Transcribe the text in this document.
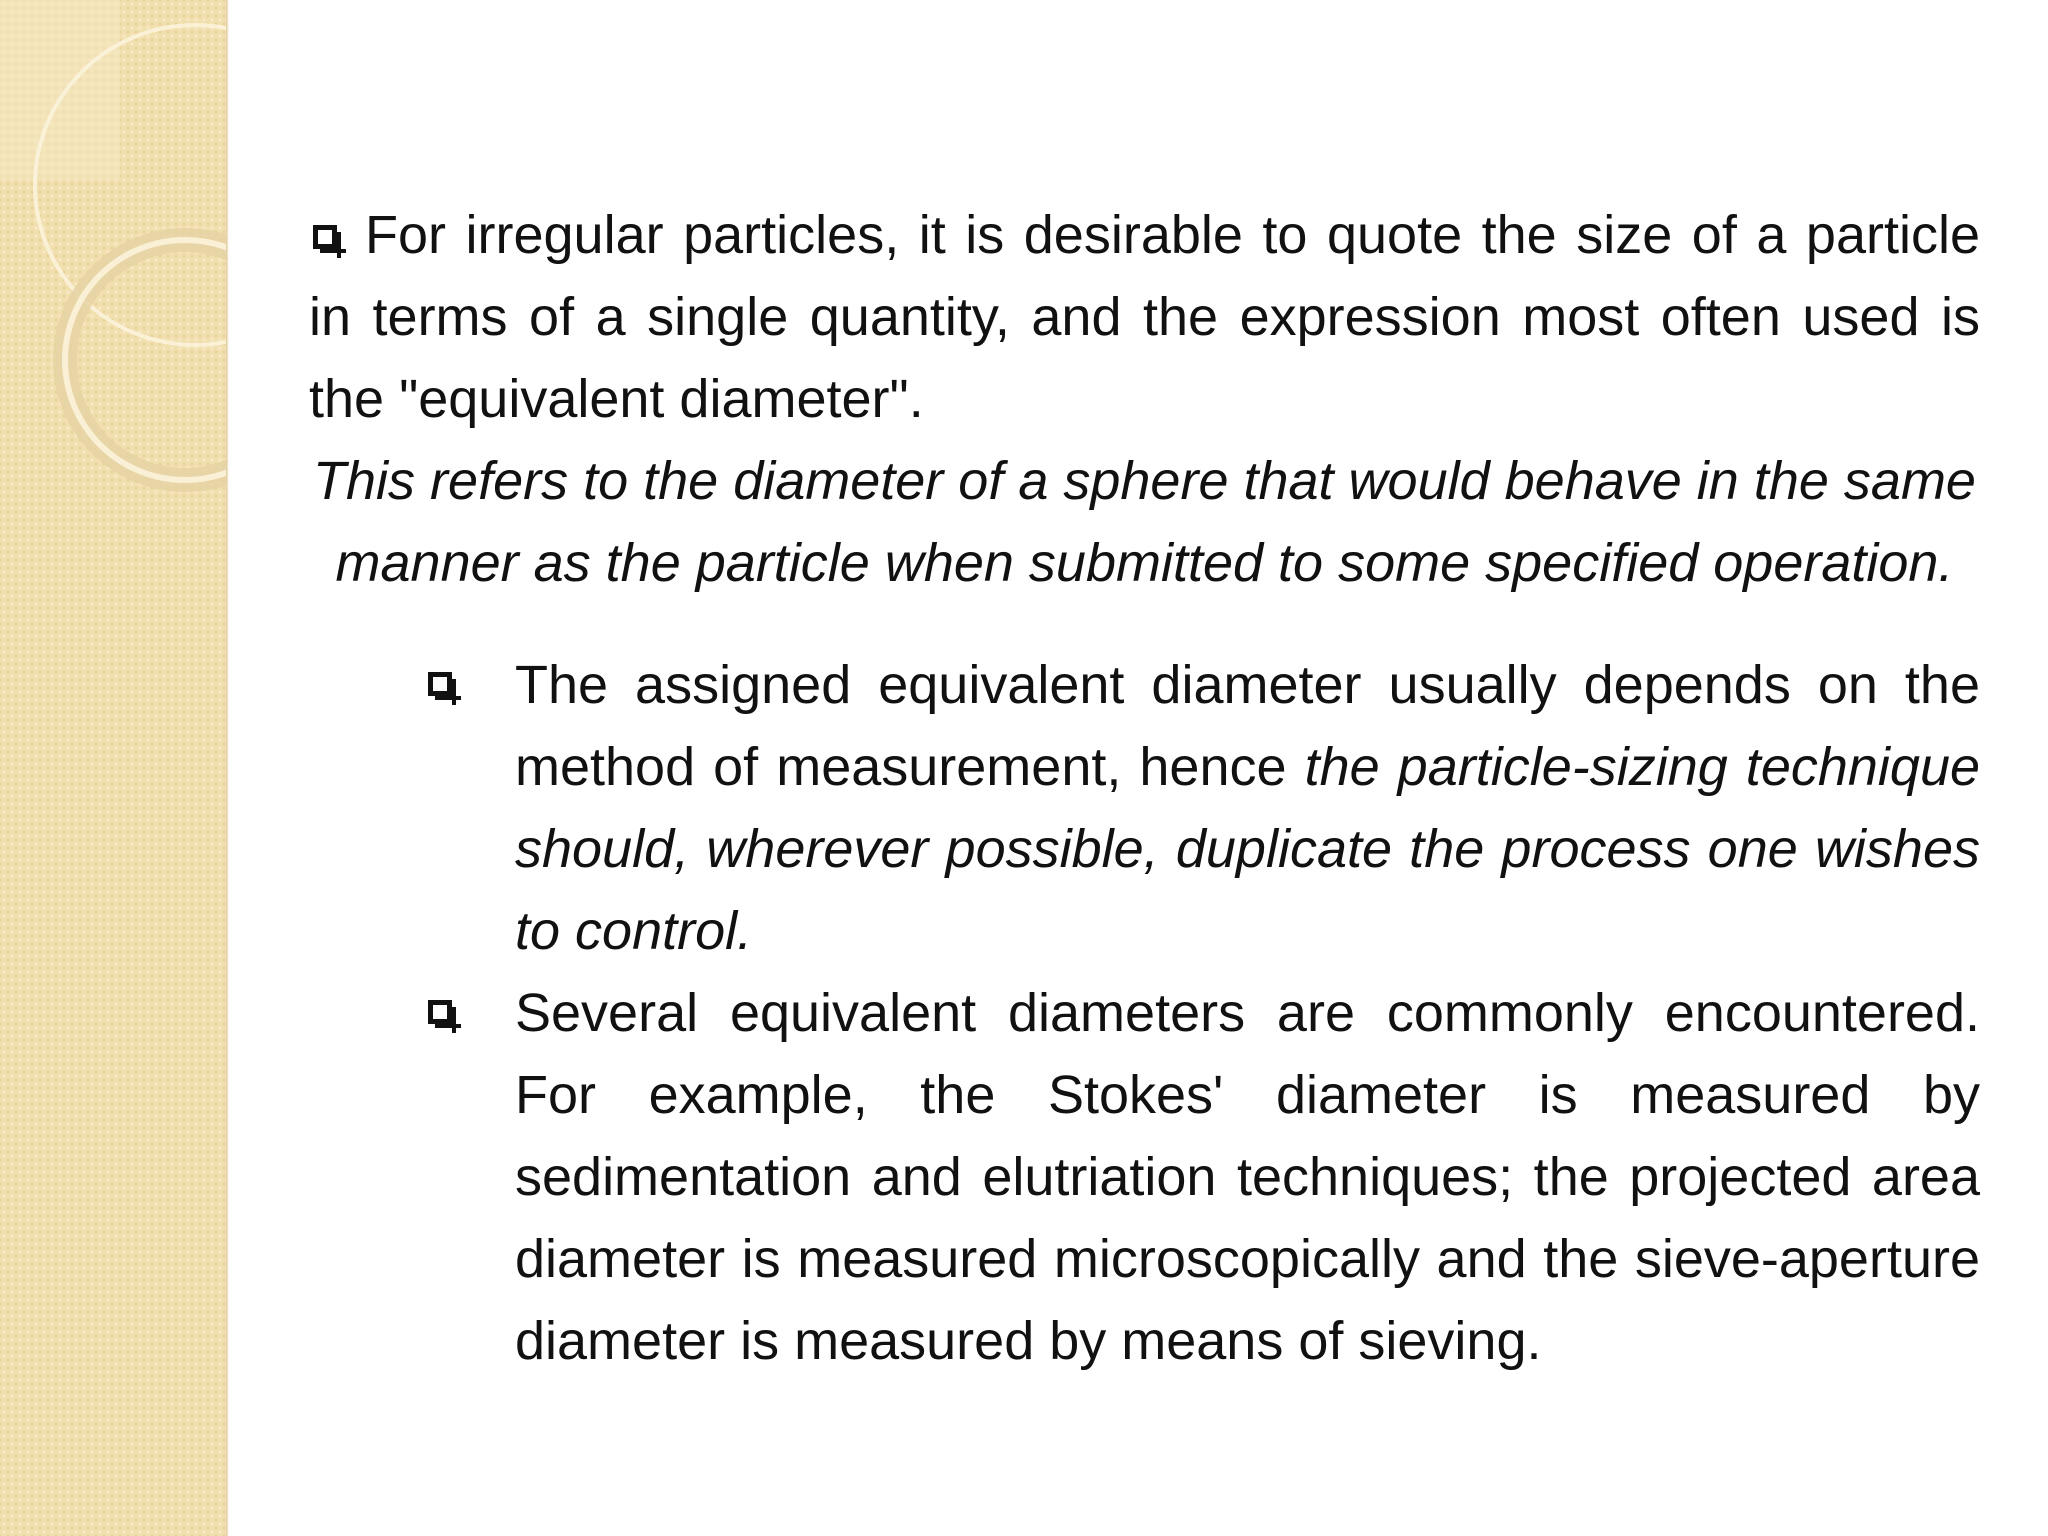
For irregular particles, it is desirable to quote the size of a particle in terms of a single quantity, and the expression most often used is the "equivalent diameter".

This refers to the diameter of a sphere that would behave in the same manner as the particle when submitted to some specified operation.

The assigned equivalent diameter usually depends on the method of measurement, hence the particle-sizing technique should, wherever possible, duplicate the process one wishes to control.
Several equivalent diameters are commonly encountered. For example, the Stokes' diameter is measured by sedimentation and elutriation techniques; the projected area diameter is measured microscopically and the sieve-aperture diameter is measured by means of sieving.
